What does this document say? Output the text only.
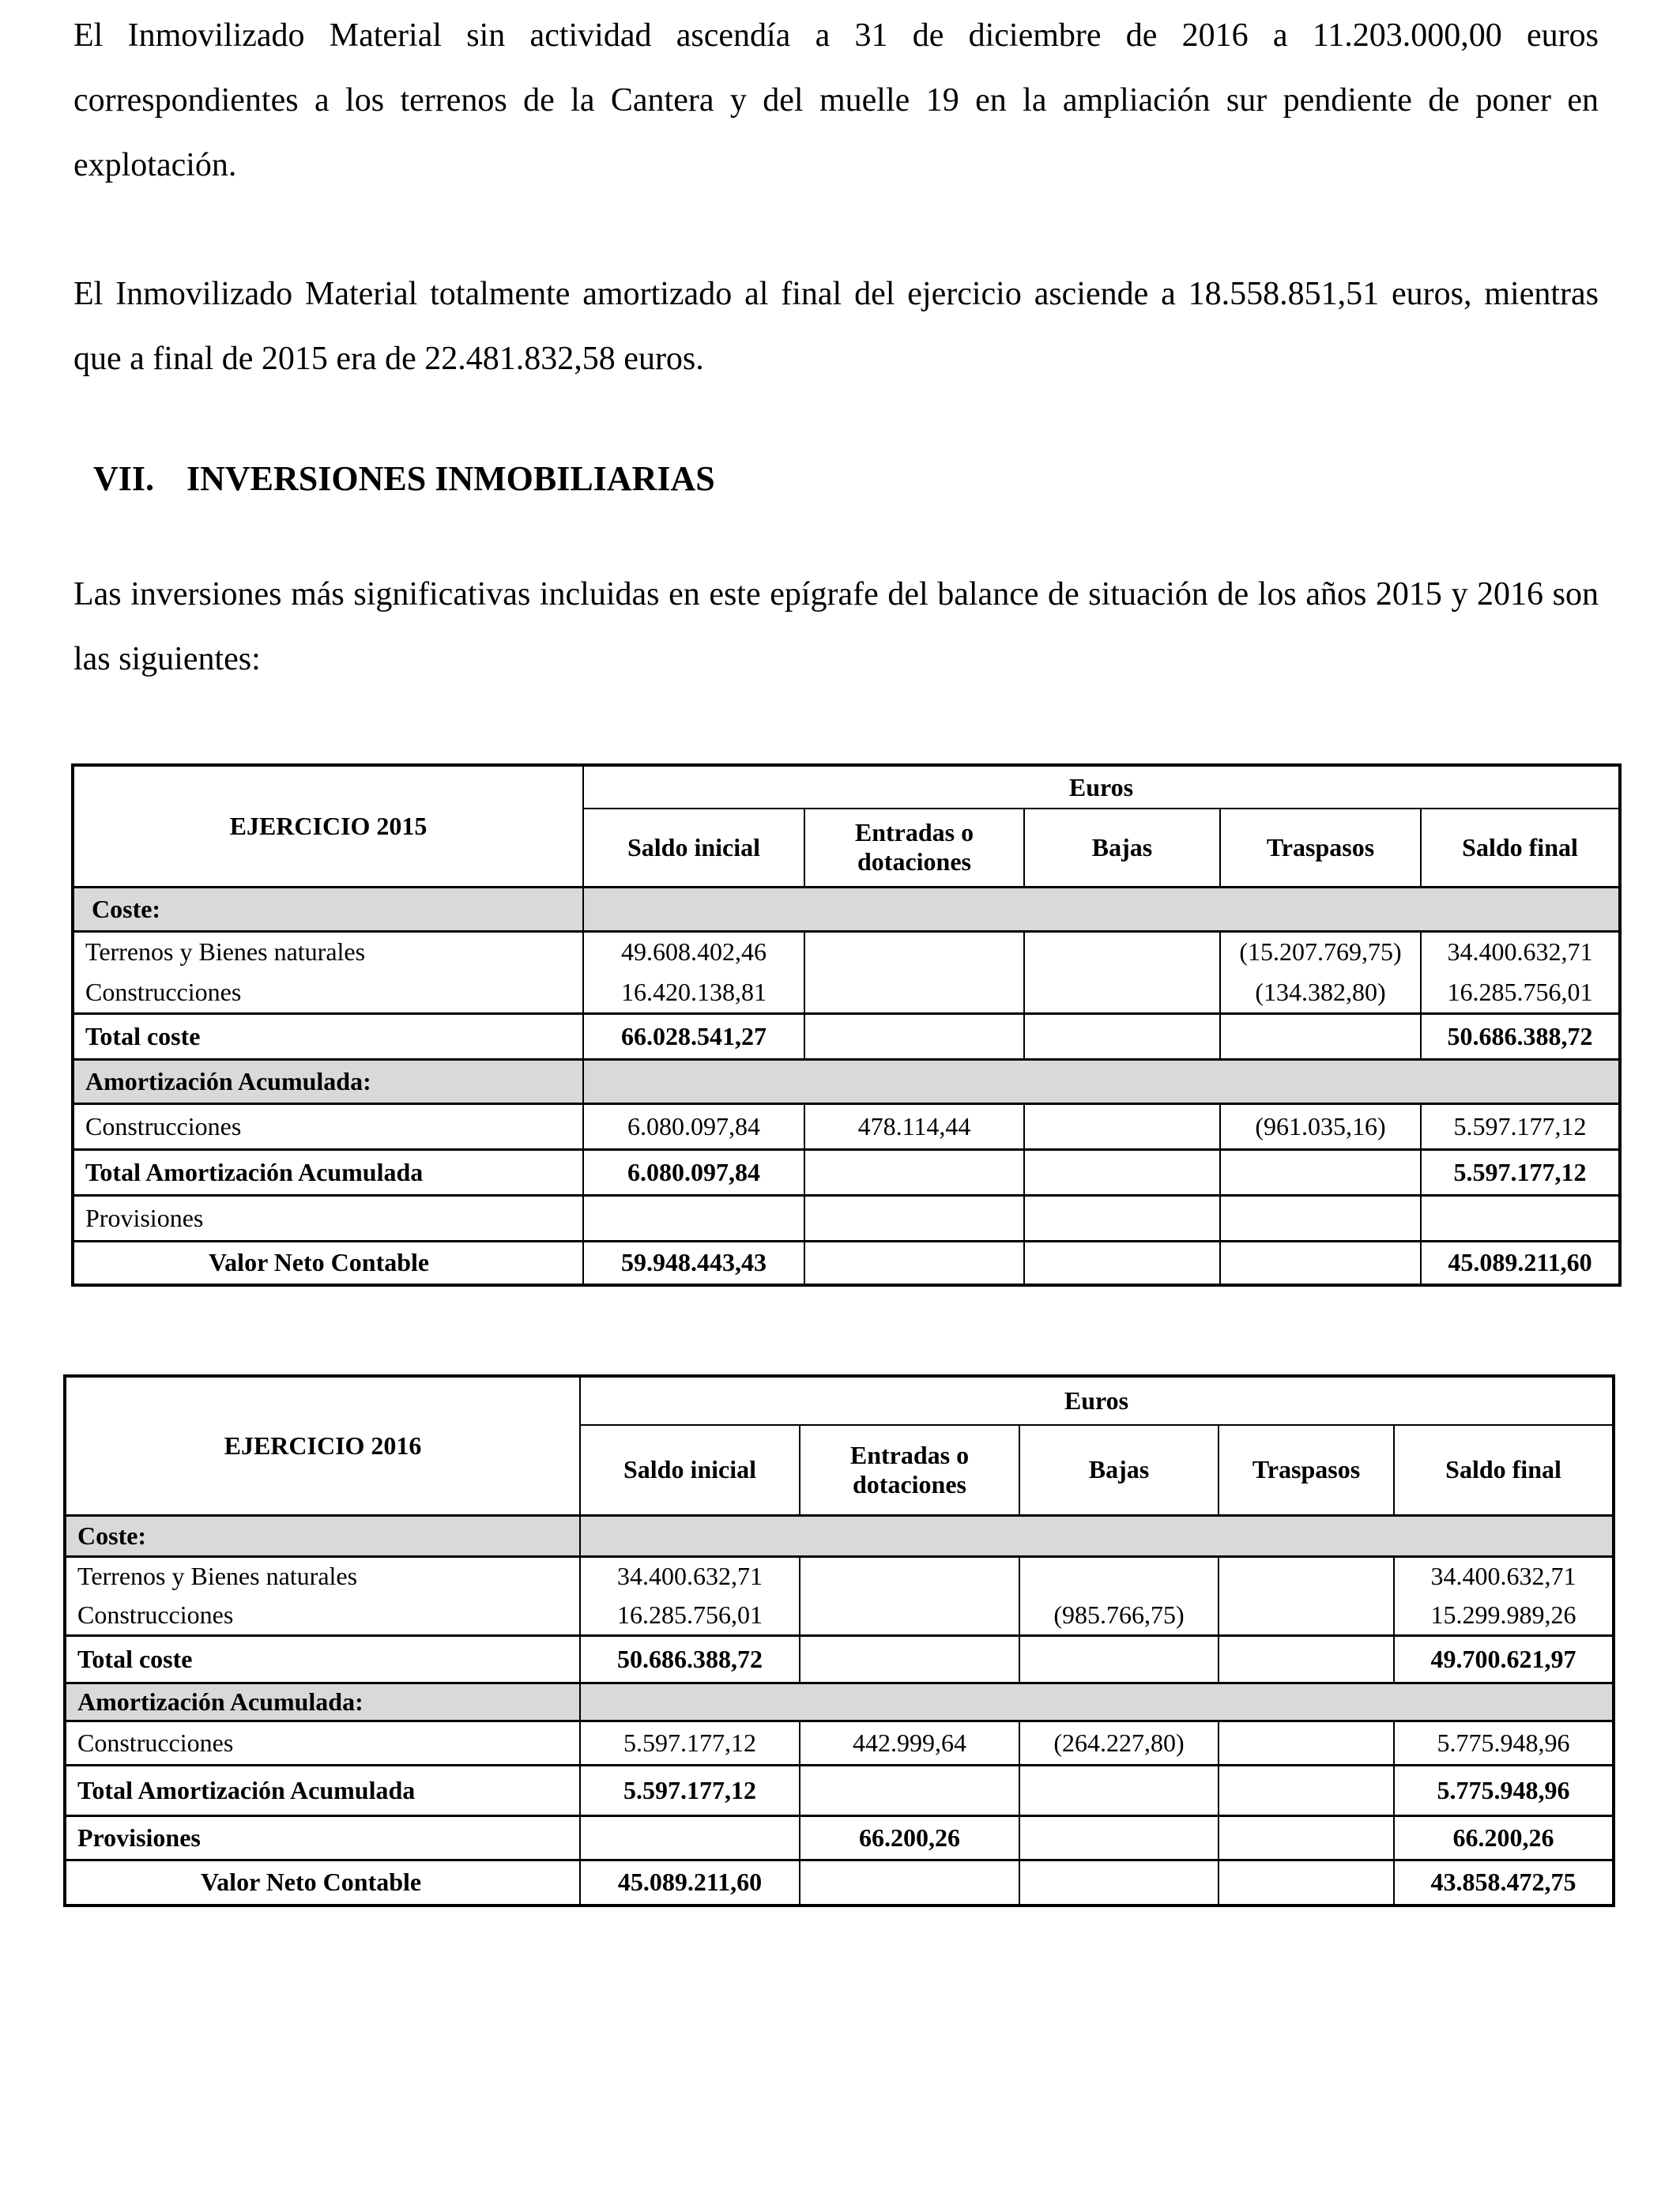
El Inmovilizado Material sin actividad ascendía a 31 de diciembre de 2016 a 11.203.000,00 euros correspondientes a los terrenos de la Cantera y del muelle 19 en la ampliación sur pendiente de poner en explotación.

El Inmovilizado Material totalmente amortizado al final del ejercicio asciende a 18.558.851,51 euros, mientras que a final de 2015 era de 22.481.832,58 euros.

VII. INVERSIONES INMOBILIARIAS

Las inversiones más significativas incluidas en este epígrafe del balance de situación de los años 2015 y 2016 son las siguientes:

EJERCICIO 2015	Euros				
	Saldo inicial	Entradas o dotaciones	Bajas	Traspasos	Saldo final
Coste:					
Terrenos y Bienes naturales	49.608.402,46			(15.207.769,75)	34.400.632,71
Construcciones	16.420.138,81			(134.382,80)	16.285.756,01
Total coste	66.028.541,27				50.686.388,72
Amortización Acumulada:					
Construcciones	6.080.097,84	478.114,44		(961.035,16)	5.597.177,12
Total Amortización Acumulada	6.080.097,84				5.597.177,12
Provisiones					
Valor Neto Contable	59.948.443,43				45.089.211,60
EJERCICIO 2016	Euros				
	Saldo inicial	Entradas o dotaciones	Bajas	Traspasos	Saldo final
Coste:					
Terrenos y Bienes naturales	34.400.632,71				34.400.632,71
Construcciones	16.285.756,01		(985.766,75)		15.299.989,26
Total coste	50.686.388,72				49.700.621,97
Amortización Acumulada:					
Construcciones	5.597.177,12	442.999,64	(264.227,80)		5.775.948,96
Total Amortización Acumulada	5.597.177,12				5.775.948,96
Provisiones		66.200,26			66.200,26
Valor Neto Contable	45.089.211,60				43.858.472,75
